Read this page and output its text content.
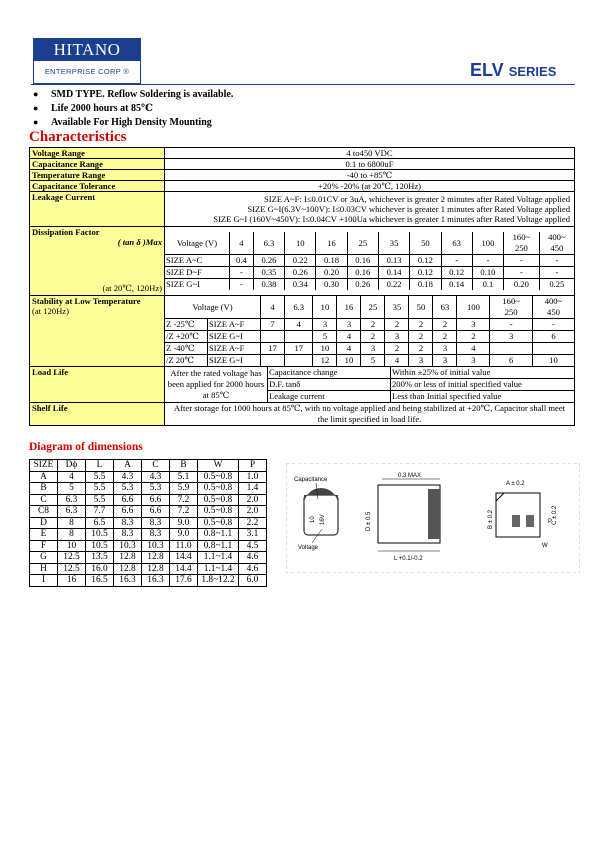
HITANO
ENTERPRISE CORP ®	ELV SERIES
● SMD TYPE. Reflow Soldering is available.
● Life 2000 hours at 85℃
● Available For High Density Mounting
Characteristics
Voltage Range	4 to450 VDC
Capacitance Range	0.1 to 6800uF
Temperature Range	-40 to +85℃
Capacitance Tolerance	+20% -20% (at 20℃, 120Hz)
Leakage Current	SIZE A~F: I≤0.01CV or 3uA, whichever is greater 2 minutes after Rated Voltage applied
SIZE G~I(6.3V~100V): I≤0.03CV whichever is greater 1 minutes after Rated Voltage applied
SIZE G~I (160V~450V): I≤0.04CV +100Ua whichever is greater 1 minutes after Rated Voltage applied

Dissipation Factor
( tan δ )Max
(at 20℃, 120Hz)

Voltage (V)	4	6.3	10	16	25	35	50	63	100	160~
250	400~
450
SIZE A~C	0.4	0.26	0.22	0.18	0.16	0.13	0.12	-	-	-	-
SIZE D~F	-	0.35	0.26	0.20	0.16	0.14	0.12	0.12	0.10	-	-
SIZE G~I	-	0.38	0.34	0.30	0.26	0.22	0.18	0.14	0.1	0.20	0.25

Stability at Low Temperature
(at 120Hz)
		Voltage (V)	4	6.3	10	16	25	35	50	63	100	160~
250	400~
450
Z -25℃	SIZE A~F	7	4	3	3	2	2	2	2	3	-	-
/Z +20℃	SIZE G~I			5	4	2	3	2	2	2	3	6
Z -40℃	SIZE A~F	17	17	10	4	3	2	2	3	4		
/Z 20℃	SIZE G~I			12	10	5	4	3	3	3	6	10

Load Life		After the rated voltage has been applied for 2000 hours at 85℃	Capacitance change	Within ±25% of initial value
D.F. tanδ	200% or less of initial specified value
Leakage current	Less than Initial specified value

Shelf Life	After storage for 1000 hours at 85℃, with no voltage applied and being stabilized at +20℃, Capacitor shall meet the limit specified in load life.
Diagram of dimensions
SIZE	Dϕ	L	A	C	B	W	P
A	4	5.5	4.3	4.3	5.1	0.5~0.8	1.0
B	5	5.5	5.3	5.3	5.9	0.5~0.8	1.4
C	6.3	5.5	6.6	6.6	7.2	0.5~0.8	2.0
C8	6.3	7.7	6.6	6.6	7.2	0.5~0.8	2.0
D	8	6.5	8.3	8.3	9.0	0.5~0.8	2.2
E	8	10.5	8.3	8.3	9.0	0.8~1.1	3.1
F	10	10.5	10.3	10.3	11.0	0.8~1.1	4.5
G	12.5	13.5	12.8	12.8	14.4	1.1~1.4	4.6
H	12.5	16.0	12.8	12.8	14.4	1.1~1.4	4.6
I	16	16.5	16.3	16.3	17.6	1.8~12.2	6.0
10 16V
Capacitance
Voltage
0.3 MAX
D ± 0.5
L +0.1/-0.2
A ± 0.2
B ± 0.2	C ± 0.2
P
W
